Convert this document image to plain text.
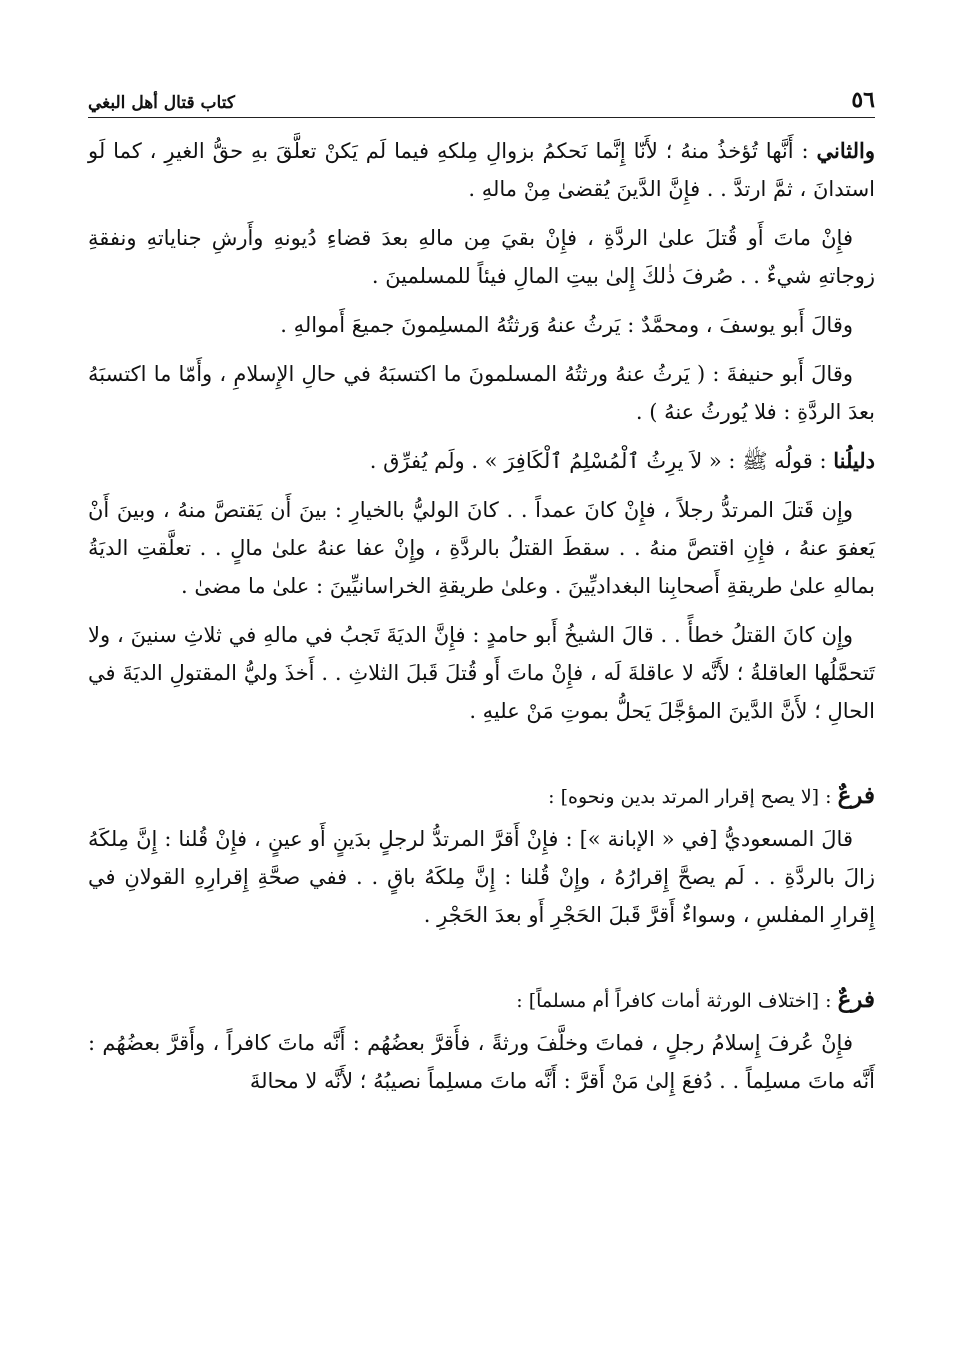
٥٦
كتاب قتال أهل البغي

والثاني : أَنَّها تُؤخذُ منهُ ؛ لأَنّا إِنَّما نَحكمُ بزوالِ مِلكهِ فيما لَم يَكنْ تعلَّقَ بهِ حقُّ الغيرِ ، كما لَو استدانَ ، ثمَّ ارتدَّ . . فإِنَّ الدَّينَ يُقضىٰ مِنْ مالهِ .

فإِنْ ماتَ أَو قُتلَ علىٰ الردَّةِ ، فإِنْ بقيَ مِن مالهِ بعدَ قضاءِ دُيونهِ وأَرشِ جناياتهِ ونفقةِ زوجاتهِ شيءٌ . . صُرفَ ذٰلكَ إِلىٰ بيتِ المالِ فيئاً للمسلمينَ .

وقالَ أَبو يوسفَ ، ومحمَّدٌ : يَرثُ عنهُ وَرثتُهُ المسلِمونَ جميعَ أَموالهِ .

وقالَ أَبو حنيفةَ : ( يَرثُ عنهُ ورثتُهُ المسلمونَ ما اكتسبَهُ في حالِ الإِسلامِ ، وأَمّا ما اكتسبَهُ بعدَ الردَّةِ : فلا يُورثُ عنهُ ) .

دليلُنا : قولُه ﷺ : « لاَ يرِثُ ٱلْمُسْلِمُ ٱلْكَافِرَ » . ولَم يُفرِّق .

وإِن قَتلَ المرتدُّ رجلاً ، فإِنْ كانَ عمداً . . كانَ الوليُّ بالخيارِ : بينَ أَن يَقتصَّ منهُ ، وبينَ أَنْ يَعفوَ عنهُ ، فإِنِ اقتصَّ منهُ . . سقطَ القتلُ بالردَّةِ ، وإِنْ عفا عنهُ علىٰ مالٍ . . تعلَّقتِ الديَةُ بمالهِ علىٰ طريقةِ أَصحابِنا البغداديِّينَ . وعلىٰ طريقةِ الخراسانيِّينَ : علىٰ ما مضىٰ .

وإِن كانَ القتلُ خطأً . . قالَ الشيخُ أَبو حامدٍ : فإِنَّ الديَةَ تَجبُ في مالهِ في ثلاثِ سنينَ ، ولا تَتحمَّلُها العاقلةُ ؛ لأَنَّه لا عاقلةَ لَه ، فإِنْ ماتَ أَو قُتلَ قَبلَ الثلاثِ . . أَخذَ وليُّ المقتولِ الديَةَ في الحالِ ؛ لأَنَّ الدَّينَ المؤجَّلَ يَحلُّ بموتِ مَنْ عليهِ .

فرعٌ : [لا يصح إقرار المرتد بدين ونحوه] :

قالَ المسعوديُّ [في « الإبانة »] : فإِنْ أَقرَّ المرتدُّ لرجلٍ بدَينٍ أَو عينٍ ، فإِنْ قُلنا : إِنَّ مِلكَهُ زالَ بالردَّةِ . . لَم يصحَّ إِقرارُهُ ، وإِنْ قُلنا : إِنَّ مِلكَهُ باقٍ . . ففي صحَّةِ إِقرارِهِ القولانِ في إِقرارِ المفلسِ ، وسواءٌ أَقرَّ قَبلَ الحَجْرِ أَو بعدَ الحَجْرِ .

فرعٌ : [اختلاف الورثة أمات كافراً أم مسلماً] :

فإِنْ عُرفَ إِسلامُ رجلٍ ، فماتَ وخلَّفَ ورثةً ، فأَقرَّ بعضُهُم : أَنَّه ماتَ كافراً ، وأَقرَّ بعضُهُم : أَنَّه ماتَ مسلِماً . . دُفعَ إِلىٰ مَنْ أَقرَّ : أَنَّه ماتَ مسلِماً نصيبُهُ ؛ لأَنَّه لا محالةَ
